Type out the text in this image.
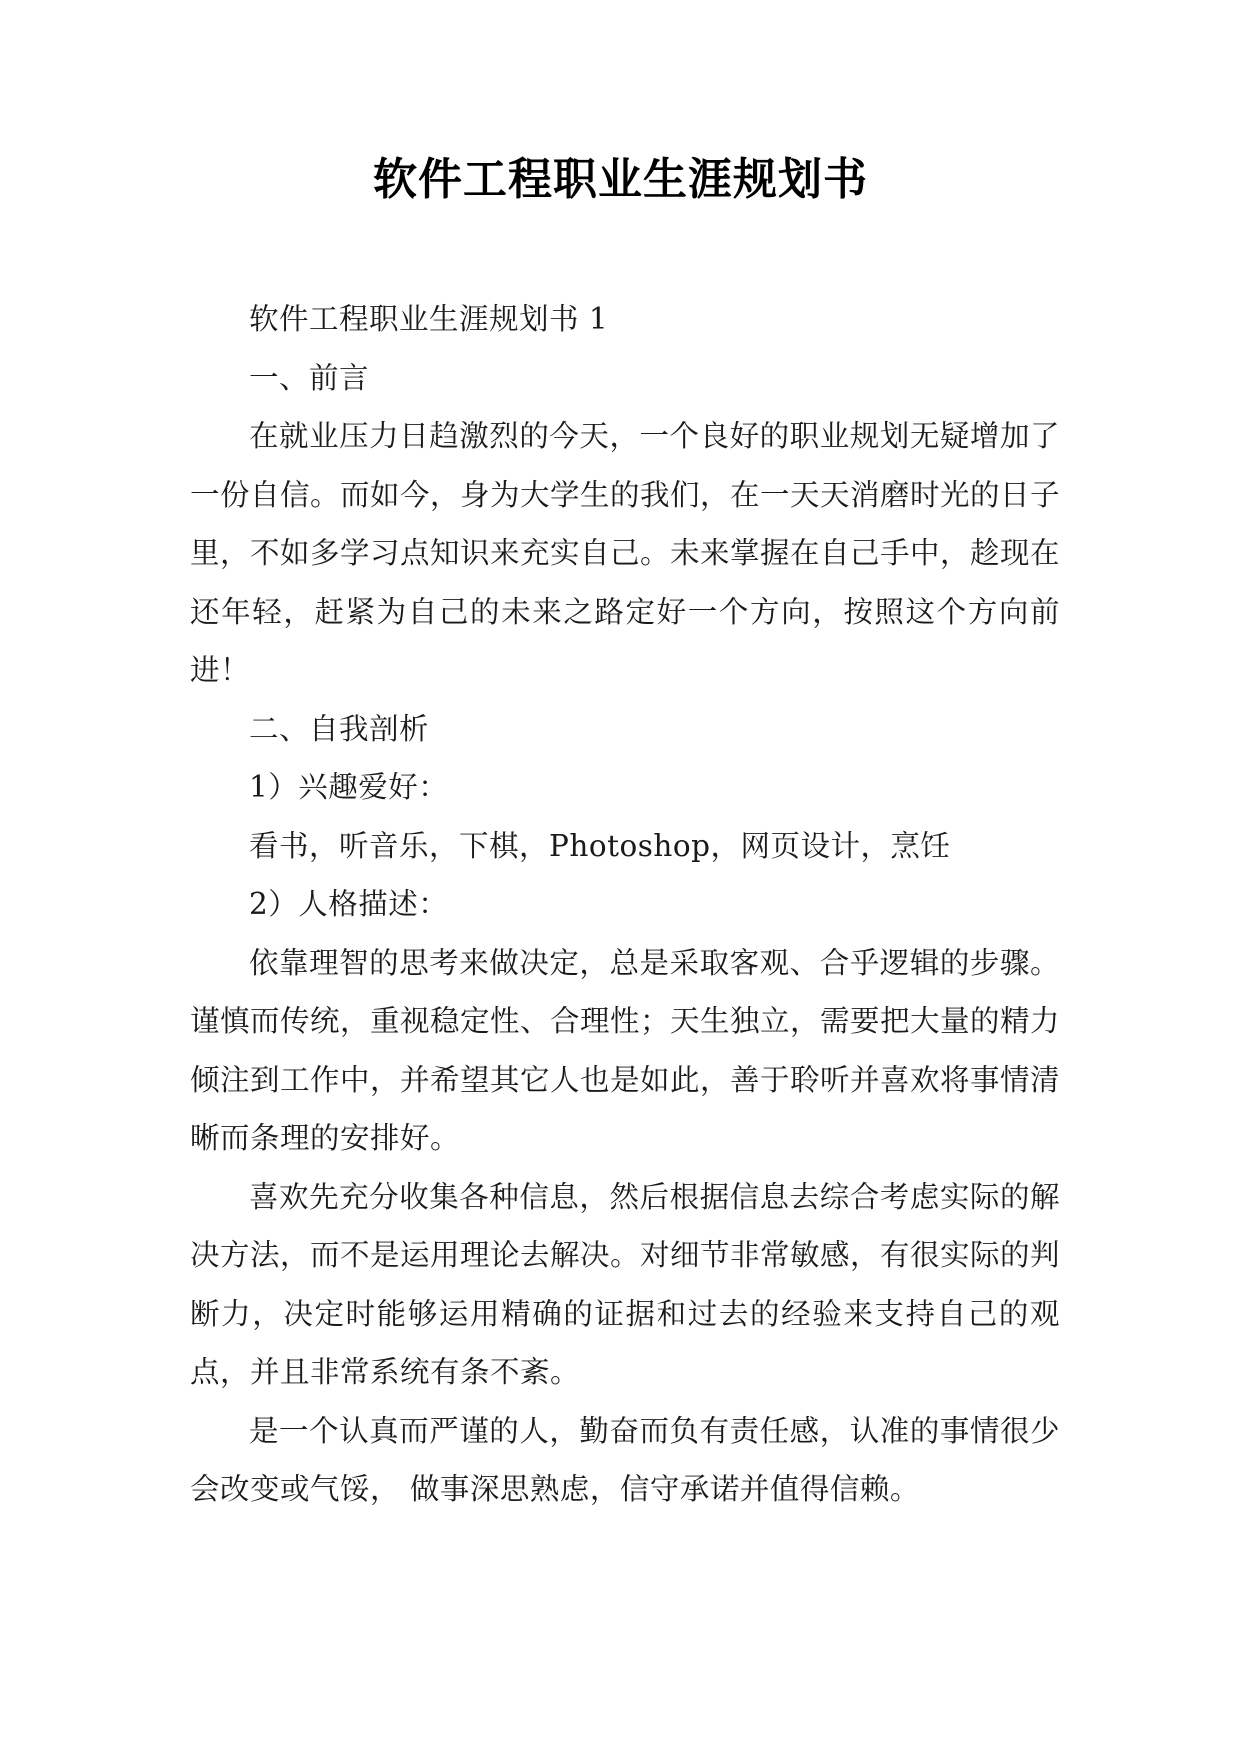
软件工程职业生涯规划书

软件工程职业生涯规划书 1

一、前言

在就业压力日趋激烈的今天，一个良好的职业规划无疑增加了一份自信。而如今，身为大学生的我们，在一天天消磨时光的日子里，不如多学习点知识来充实自己。未来掌握在自己手中，趁现在还年轻，赶紧为自己的未来之路定好一个方向，按照这个方向前进！

二、自我剖析

1）兴趣爱好：

看书，听音乐，下棋，Photoshop，网页设计，烹饪

2）人格描述：

依靠理智的思考来做决定，总是采取客观、合乎逻辑的步骤。谨慎而传统，重视稳定性、合理性；天生独立，需要把大量的精力倾注到工作中，并希望其它人也是如此，善于聆听并喜欢将事情清晰而条理的安排好。

喜欢先充分收集各种信息，然后根据信息去综合考虑实际的解决方法，而不是运用理论去解决。对细节非常敏感，有很实际的判断力，决定时能够运用精确的证据和过去的经验来支持自己的观点，并且非常系统有条不紊。

是一个认真而严谨的人，勤奋而负有责任感，认准的事情很少会改变或气馁， 做事深思熟虑，信守承诺并值得信赖。
